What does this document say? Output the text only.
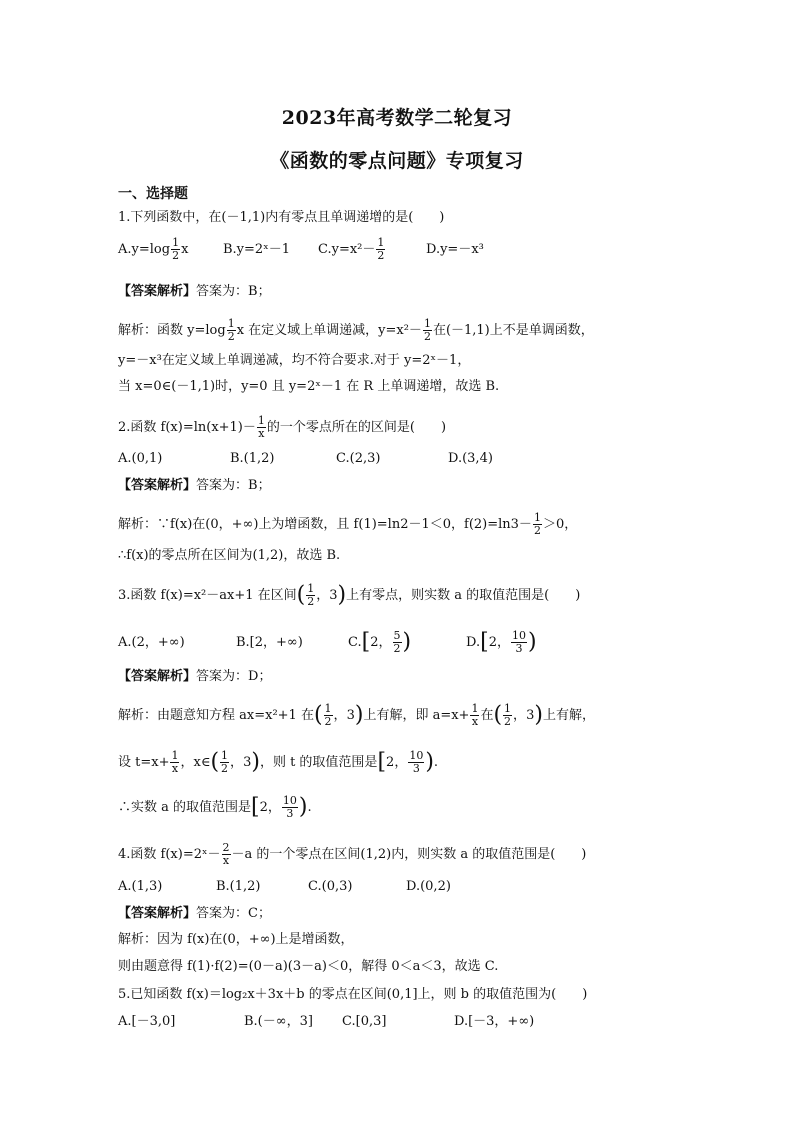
2023年高考数学二轮复习
《函数的零点问题》专项复习
一、选择题
1.下列函数中，在(－1,1)内有零点且单调递增的是(　　)
$A.y=\log \frac{1}{2}$ x	B.y=2ˣ－1 $C.y=x^2- \frac{1}{2}$	D.y=－x³
【答案解析】答案为：B；
解析：函数 $y=\log \frac{1}{2}$ x 在定义域上单调递减，$y=x^2- \frac{1}{2}$ 在(－1,1)上不是单调函数，
y=－x³在定义域上单调递减，均不符合要求.对于 y=2ˣ－1，
当 x=0∈(－1,1)时，y=0 且 y=2ˣ－1 在 R 上单调递增，故选 B.
2.函数 $f(x)=\ln(x+1)- \frac{1}{x}$ 的一个零点所在的区间是(　　)
A.(0,1)	B.(1,2)	C.(2,3)	D.(3,4)
【答案解析】答案为：B；
解析：∵f(x)在(0，+∞)上为增函数，且 f(1)=ln2－1＜0，$f(2)=\ln 3- \frac{1}{2} >0$，
∴f(x)的零点所在区间为(1,2)，故选 B.
3.函数 f(x)=x²－ax+1 在区间( $\frac{1}{2}$ ，3)上有零点，则实数 a 的取值范围是(　　)
A.(2，+∞)	B.[2，+∞)	C.[2， $\frac{5}{2}$ )	D.[2， $\frac{10}{3}$ )
【答案解析】答案为：D；
解析：由题意知方程 ax=x²+1 在( $\frac{1}{2}$ ，3)上有解，即 $a=x+ \frac{1}{x}$ 在( $\frac{1}{2}$ ，3)上有解，
设 $t=x+ \frac{1}{x}$ ，x∈( $\frac{1}{2}$ ，3)，则 t 的取值范围是[2， $\frac{10}{3}$ ).
∴实数 a 的取值范围是[2， $\frac{10}{3}$ ).
4.函数 f(x)=2ˣ－ $\frac{2}{x} -a$ 的一个零点在区间(1,2)内，则实数 a 的取值范围是(　　)
A.(1,3)	B.(1,2)	C.(0,3)	D.(0,2)
【答案解析】答案为：C；
解析：因为 f(x)在(0，+∞)上是增函数，
则由题意得 f(1)·f(2)=(0－a)(3－a)＜0，解得 0＜a＜3，故选 C.
5.已知函数 f(x)＝log₂x＋3x＋b 的零点在区间(0,1]上，则 b 的取值范围为(　　)
A.[－3,0]	B.(－∞，3] C.[0,3]	D.[－3，+∞)
